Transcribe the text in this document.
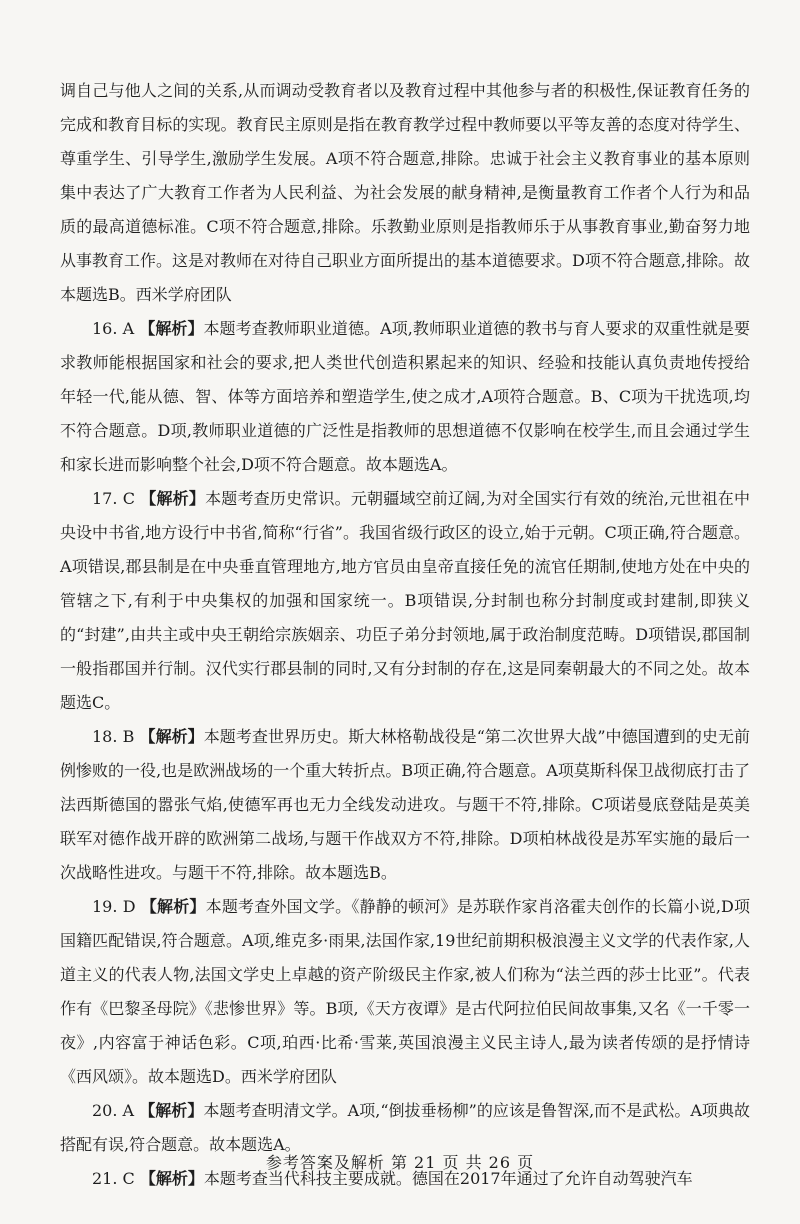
调自己与他人之间的关系,从而调动受教育者以及教育过程中其他参与者的积极性,保证教育任务的完成和教育目标的实现。教育民主原则是指在教育教学过程中教师要以平等友善的态度对待学生、尊重学生、引导学生,激励学生发展。A项不符合题意,排除。忠诚于社会主义教育事业的基本原则集中表达了广大教育工作者为人民利益、为社会发展的献身精神,是衡量教育工作者个人行为和品质的最高道德标准。C项不符合题意,排除。乐教勤业原则是指教师乐于从事教育事业,勤奋努力地从事教育工作。这是对教师在对待自己职业方面所提出的基本道德要求。D项不符合题意,排除。故本题选B。西米学府团队

16. A 【解析】本题考查教师职业道德。A项,教师职业道德的教书与育人要求的双重性就是要求教师能根据国家和社会的要求,把人类世代创造积累起来的知识、经验和技能认真负责地传授给年轻一代,能从德、智、体等方面培养和塑造学生,使之成才,A项符合题意。B、C项为干扰选项,均不符合题意。D项,教师职业道德的广泛性是指教师的思想道德不仅影响在校学生,而且会通过学生和家长进而影响整个社会,D项不符合题意。故本题选A。

17. C 【解析】本题考查历史常识。元朝疆域空前辽阔,为对全国实行有效的统治,元世祖在中央设中书省,地方设行中书省,简称“行省”。我国省级行政区的设立,始于元朝。C项正确,符合题意。A项错误,郡县制是在中央垂直管理地方,地方官员由皇帝直接任免的流官任期制,使地方处在中央的管辖之下,有利于中央集权的加强和国家统一。B项错误,分封制也称分封制度或封建制,即狭义的“封建”,由共主或中央王朝给宗族姻亲、功臣子弟分封领地,属于政治制度范畴。D项错误,郡国制一般指郡国并行制。汉代实行郡县制的同时,又有分封制的存在,这是同秦朝最大的不同之处。故本题选C。

18. B 【解析】本题考查世界历史。斯大林格勒战役是“第二次世界大战”中德国遭到的史无前例惨败的一役,也是欧洲战场的一个重大转折点。B项正确,符合题意。A项莫斯科保卫战彻底打击了法西斯德国的嚣张气焰,使德军再也无力全线发动进攻。与题干不符,排除。C项诺曼底登陆是英美联军对德作战开辟的欧洲第二战场,与题干作战双方不符,排除。D项柏林战役是苏军实施的最后一次战略性进攻。与题干不符,排除。故本题选B。

19. D 【解析】本题考查外国文学。《静静的顿河》是苏联作家肖洛霍夫创作的长篇小说,D项国籍匹配错误,符合题意。A项,维克多·雨果,法国作家,19世纪前期积极浪漫主义文学的代表作家,人道主义的代表人物,法国文学史上卓越的资产阶级民主作家,被人们称为“法兰西的莎士比亚”。代表作有《巴黎圣母院》《悲惨世界》等。B项,《天方夜谭》是古代阿拉伯民间故事集,又名《一千零一夜》,内容富于神话色彩。C项,珀西·比希·雪莱,英国浪漫主义民主诗人,最为读者传颂的是抒情诗《西风颂》。故本题选D。西米学府团队

20. A 【解析】本题考查明清文学。A项,“倒拔垂杨柳”的应该是鲁智深,而不是武松。A项典故搭配有误,符合题意。故本题选A。

21. C 【解析】本题考查当代科技主要成就。德国在2017年通过了允许自动驾驶汽车

参考答案及解析 第 21 页 共 26 页
